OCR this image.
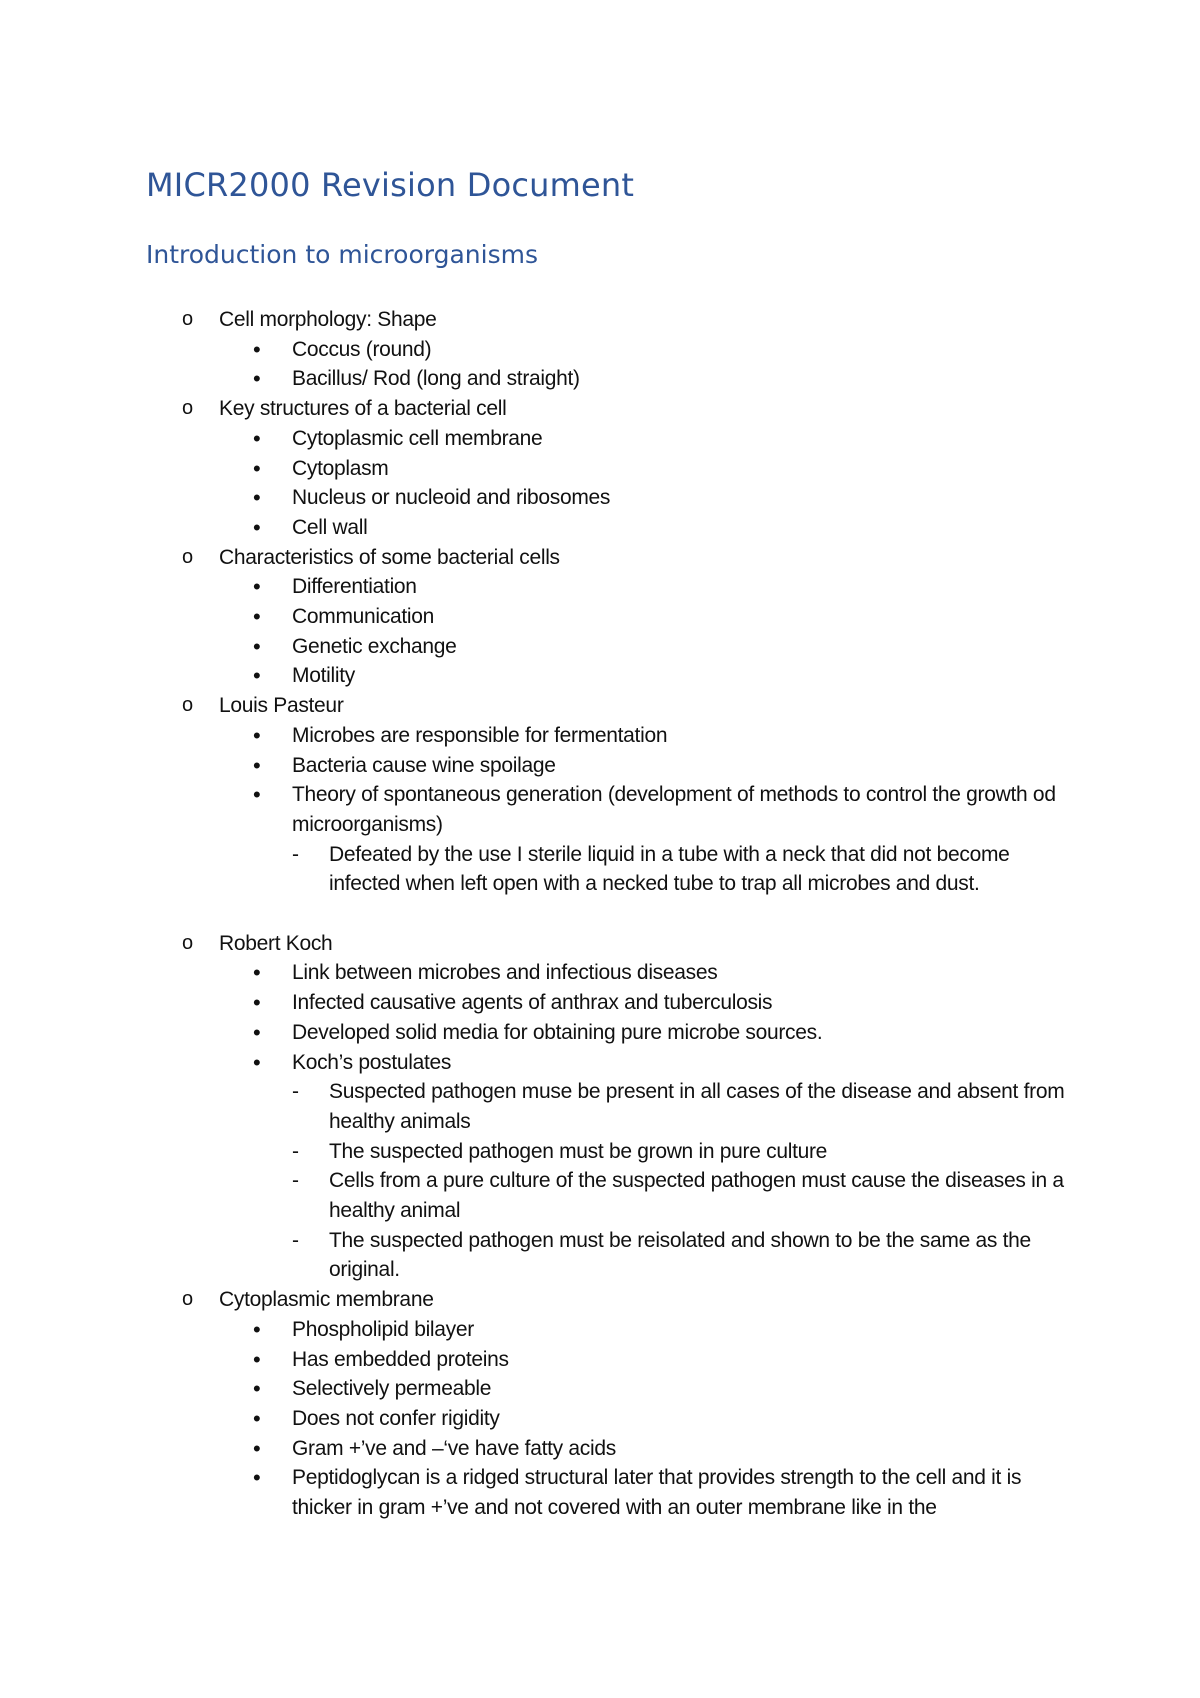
MICR2000 Revision Document
Introduction to microorganisms
o Cell morphology: Shape
• Coccus (round)
• Bacillus/ Rod (long and straight)
o Key structures of a bacterial cell
• Cytoplasmic cell membrane
• Cytoplasm
• Nucleus or nucleoid and ribosomes
• Cell wall
o Characteristics of some bacterial cells
• Differentiation
• Communication
• Genetic exchange
• Motility
o Louis Pasteur
• Microbes are responsible for fermentation
• Bacteria cause wine spoilage
• Theory of spontaneous generation (development of methods to control the growth od microorganisms)
- Defeated by the use I sterile liquid in a tube with a neck that did not become infected when left open with a necked tube to trap all microbes and dust.
o Robert Koch
• Link between microbes and infectious diseases
• Infected causative agents of anthrax and tuberculosis
• Developed solid media for obtaining pure microbe sources.
• Koch’s postulates
- Suspected pathogen muse be present in all cases of the disease and absent from healthy animals
- The suspected pathogen must be grown in pure culture
- Cells from a pure culture of the suspected pathogen must cause the diseases in a healthy animal
- The suspected pathogen must be reisolated and shown to be the same as the original.
o Cytoplasmic membrane
• Phospholipid bilayer
• Has embedded proteins
• Selectively permeable
• Does not confer rigidity
• Gram +’ve and –‘ve have fatty acids
• Peptidoglycan is a ridged structural later that provides strength to the cell and it is thicker in gram +’ve and not covered with an outer membrane like in the
